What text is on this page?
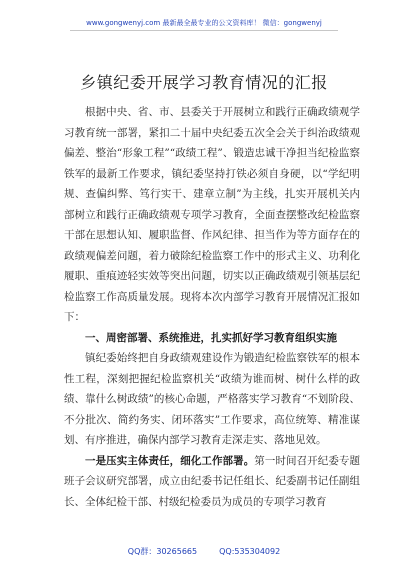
www.gongwenyj.com 最新最全最专业的公文资料库！ 微信：gongwenyj
乡镇纪委开展学习教育情况的汇报

根据中央、省、市、县委关于开展树立和践行正确政绩观学习教育统一部署，紧扣二十届中央纪委五次全会关于纠治政绩观偏差、整治“形象工程”“政绩工程”、锻造忠诚干净担当纪检监察铁军的最新工作要求，镇纪委坚持打铁必须自身硬，以“学纪明规、查偏纠弊、笃行实干、建章立制”为主线，扎实开展机关内部树立和践行正确政绩观专项学习教育，全面查摆整改纪检监察干部在思想认知、履职监督、作风纪律、担当作为等方面存在的政绩观偏差问题，着力破除纪检监察工作中的形式主义、功利化履职、重痕迹轻实效等突出问题，切实以正确政绩观引领基层纪检监察工作高质量发展。现将本次内部学习教育开展情况汇报如下：

一、周密部署、系统推进，扎实抓好学习教育组织实施

镇纪委始终把自身政绩观建设作为锻造纪检监察铁军的根本性工程，深刻把握纪检监察机关“政绩为谁而树、树什么样的政绩、靠什么树政绩”的核心命题，严格落实学习教育“不划阶段、不分批次、简约务实、闭环落实”工作要求，高位统筹、精准谋划、有序推进，确保内部学习教育走深走实、落地见效。

一是压实主体责任，细化工作部署。第一时间召开纪委专题班子会议研究部署，成立由纪委书记任组长、纪委副书记任副组长、全体纪检干部、村级纪检委员为成员的专项学习教育

QQ群：30265665	QQ:535304092
